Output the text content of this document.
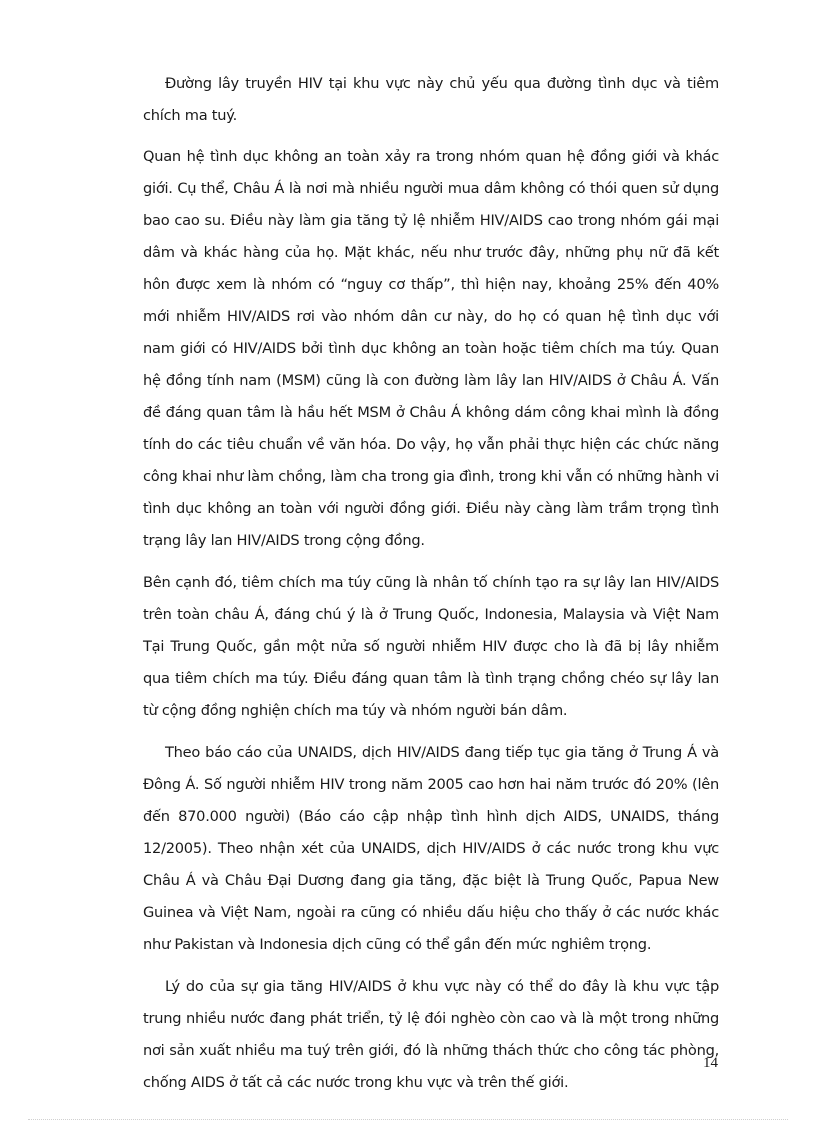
Đường lây truyền HIV tại khu vực này chủ yếu qua đường tình dục và tiêm chích ma tuý.

Quan hệ tình dục không an toàn xảy ra trong nhóm quan hệ đồng giới và khác giới. Cụ thể, Châu Á là nơi mà nhiều người mua dâm không có thói quen sử dụng bao cao su. Điều này làm gia tăng tỷ lệ nhiễm HIV/AIDS cao trong nhóm gái mại dâm và khác hàng của họ. Mặt khác, nếu như trước đây, những phụ nữ đã kết hôn được xem là nhóm có “nguy cơ thấp”, thì hiện nay, khoảng 25% đến 40% mới nhiễm HIV/AIDS rơi vào nhóm dân cư này, do họ có quan hệ tình dục với nam giới có HIV/AIDS bởi tình dục không an toàn hoặc tiêm chích ma túy. Quan hệ đồng tính nam (MSM) cũng là con đường làm lây lan HIV/AIDS ở Châu Á. Vấn đề đáng quan tâm là hầu hết MSM ở Châu Á không dám công khai mình là đồng tính do các tiêu chuẩn về văn hóa. Do vậy, họ vẫn phải thực hiện các chức năng công khai như làm chồng, làm cha trong gia đình, trong khi vẫn có những hành vi tình dục không an toàn với người đồng giới. Điều này càng làm trầm trọng tình trạng lây lan HIV/AIDS trong cộng đồng.

Bên cạnh đó, tiêm chích ma túy cũng là nhân tố chính tạo ra sự lây lan HIV/AIDS trên toàn châu Á, đáng chú ý là ở Trung Quốc, Indonesia, Malaysia và Việt Nam Tại Trung Quốc, gần một nửa số người nhiễm HIV được cho là đã bị lây nhiễm qua tiêm chích ma túy. Điều đáng quan tâm là tình trạng chồng chéo sự lây lan từ cộng đồng nghiện chích ma túy và nhóm người bán dâm.

Theo báo cáo của UNAIDS, dịch HIV/AIDS đang tiếp tục gia tăng ở Trung Á và Đông Á. Số người nhiễm HIV trong năm 2005 cao hơn hai năm trước đó 20% (lên đến 870.000 người) (Báo cáo cập nhập tình hình dịch AIDS, UNAIDS, tháng 12/2005). Theo nhận xét của UNAIDS, dịch HIV/AIDS ở các nước trong khu vực Châu Á và Châu Đại Dương đang gia tăng, đặc biệt là Trung Quốc, Papua New Guinea và Việt Nam, ngoài ra cũng có nhiều dấu hiệu cho thấy ở các nước khác như Pakistan và Indonesia dịch cũng có thể gần đến mức nghiêm trọng.

Lý do của sự gia tăng HIV/AIDS ở khu vực này có thể do đây là khu vực tập trung nhiều nước đang phát triển, tỷ lệ đói nghèo còn cao và là một trong những nơi sản xuất nhiều ma tuý trên giới, đó là những thách thức cho công tác phòng, chống AIDS ở tất cả các nước trong khu vực và trên thế giới.

14
